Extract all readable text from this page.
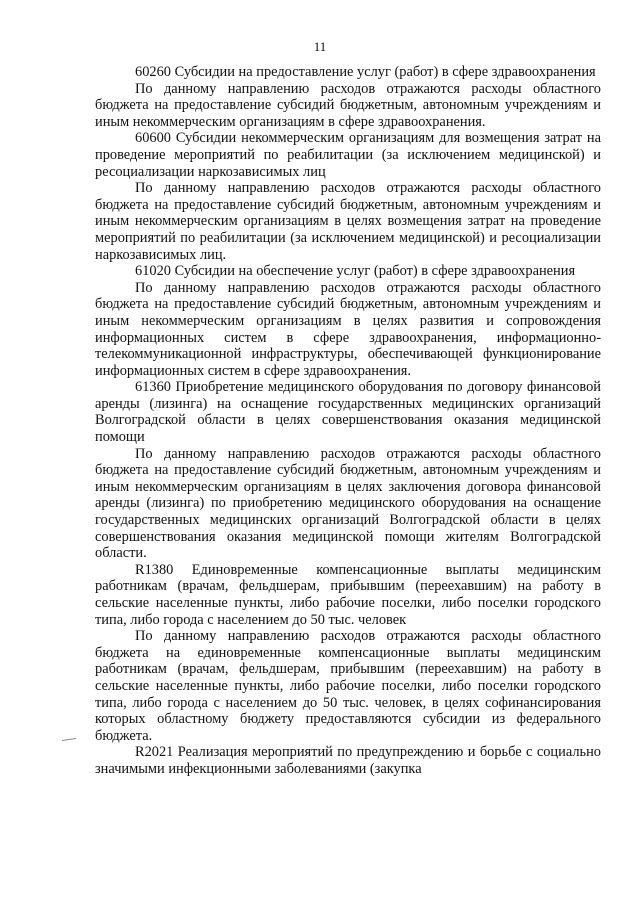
11

60260 Субсидии на предоставление услуг (работ) в сфере здравоохранения

По данному направлению расходов отражаются расходы областного бюджета на предоставление субсидий бюджетным, автономным учреждениям и иным некоммерческим организациям в сфере здравоохранения.

60600 Субсидии некоммерческим организациям для возмещения затрат на проведение мероприятий по реабилитации (за исключением медицинской) и ресоциализации наркозависимых лиц

По данному направлению расходов отражаются расходы областного бюджета на предоставление субсидий бюджетным, автономным учреждениям и иным некоммерческим организациям в целях возмещения затрат на проведение мероприятий по реабилитации (за исключением медицинской) и ресоциализации наркозависимых лиц.

61020 Субсидии на обеспечение услуг (работ) в сфере здравоохранения

По данному направлению расходов отражаются расходы областного бюджета на предоставление субсидий бюджетным, автономным учреждениям и иным некоммерческим организациям в целях развития и сопровождения информационных систем в сфере здравоохранения, информационно-телекоммуникационной инфраструктуры, обеспечивающей функционирование информационных систем в сфере здравоохранения.

61360 Приобретение медицинского оборудования по договору финансовой аренды (лизинга) на оснащение государственных медицинских организаций Волгоградской области в целях совершенствования оказания медицинской помощи

По данному направлению расходов отражаются расходы областного бюджета на предоставление субсидий бюджетным, автономным учреждениям и иным некоммерческим организациям в целях заключения договора финансовой аренды (лизинга) по приобретению медицинского оборудования на оснащение государственных медицинских организаций Волгоградской области в целях совершенствования оказания медицинской помощи жителям Волгоградской области.

R1380 Единовременные компенсационные выплаты медицинским работникам (врачам, фельдшерам, прибывшим (переехавшим) на работу в сельские населенные пункты, либо рабочие поселки, либо поселки городского типа, либо города с населением до 50 тыс. человек

По данному направлению расходов отражаются расходы областного бюджета на единовременные компенсационные выплаты медицинским работникам (врачам, фельдшерам, прибывшим (переехавшим) на работу в сельские населенные пункты, либо рабочие поселки, либо поселки городского типа, либо города с населением до 50 тыс. человек, в целях софинансирования которых областному бюджету предоставляются субсидии из федерального бюджета.

R2021 Реализация мероприятий по предупреждению и борьбе с социально значимыми инфекционными заболеваниями (закупка
